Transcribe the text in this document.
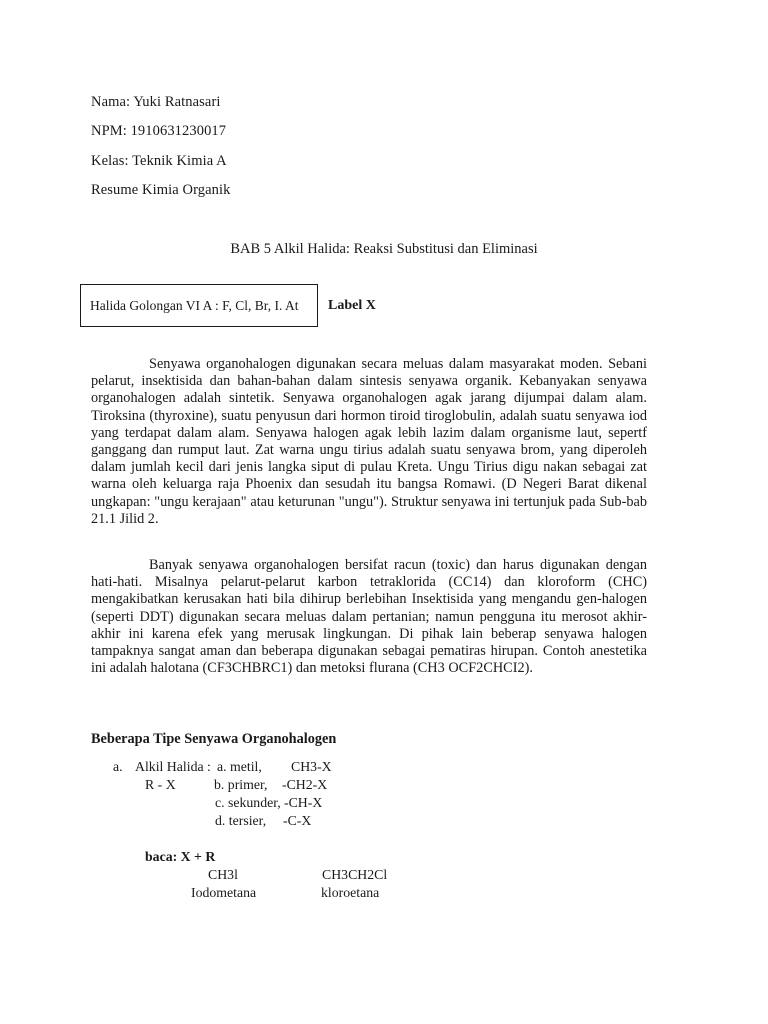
Nama: Yuki Ratnasari
NPM: 1910631230017
Kelas: Teknik Kimia A
Resume Kimia Organik
BAB 5 Alkil Halida: Reaksi Substitusi dan Eliminasi
Halida Golongan VI A : F, Cl, Br, I. At Label X

Senyawa organohalogen digunakan secara meluas dalam masyarakat moden. Sebani pelarut, insektisida dan bahan-bahan dalam sintesis senyawa organik. Kebanyakan senyawa organohalogen adalah sintetik. Senyawa organohalogen agak jarang dijumpai dalam alam. Tiroksina (thyroxine), suatu penyusun dari hormon tiroid tiroglobulin, adalah suatu senyawa iod yang terdapat dalam alam. Senyawa halogen agak lebih lazim dalam organisme laut, sepertf ganggang dan rumput laut. Zat warna ungu tirius adalah suatu senyawa brom, yang diperoleh dalam jumlah kecil dari jenis langka siput di pulau Kreta. Ungu Tirius digu nakan sebagai zat warna oleh keluarga raja Phoenix dan sesudah itu bangsa Romawi. (D Negeri Barat dikenal ungkapan: "ungu kerajaan" atau keturunan "ungu"). Struktur senyawa ini tertunjuk pada Sub-bab 21.1 Jilid 2.

Banyak senyawa organohalogen bersifat racun (toxic) dan harus digunakan dengan hati-hati. Misalnya pelarut-pelarut karbon tetraklorida (CC14) dan kloroform (CHC) mengakibatkan kerusakan hati bila dihirup berlebihan Insektisida yang mengandu gen-halogen (seperti DDT) digunakan secara meluas dalam pertanian; namun pengguna itu merosot akhir-akhir ini karena efek yang merusak lingkungan. Di pihak lain beberap senyawa halogen tampaknya sangat aman dan beberapa digunakan sebagai pematiras hirupan. Contoh anestetika ini adalah halotana (CF3CHBRC1) dan metoksi flurana (CH3 OCF2CHCI2).

Beberapa Tipe Senyawa Organohalogen
a. Alkil Halida :
R - X
a. metil, CH3-X
b. primer, -CH2-X
c. sekunder, -CH-X
d. tersier, -C-X
baca: X + R
CH3l	CH3CH2Cl
Iodometana	kloroetana
